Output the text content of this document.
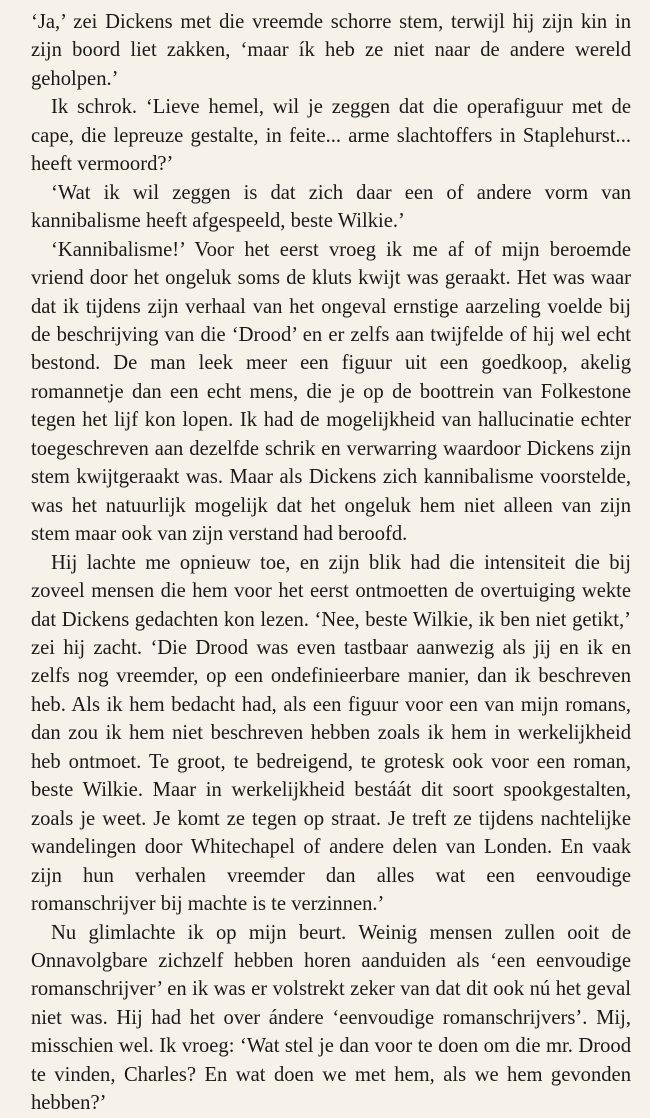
‘Ja,’ zei Dickens met die vreemde schorre stem, terwijl hij zijn kin in zijn boord liet zakken, ‘maar ík heb ze niet naar de andere wereld geholpen.’

Ik schrok. ‘Lieve hemel, wil je zeggen dat die operafiguur met de cape, die lepreuze gestalte, in feite... arme slachtoffers in Staplehurst... heeft vermoord?’

‘Wat ik wil zeggen is dat zich daar een of andere vorm van kannibalisme heeft afgespeeld, beste Wilkie.’

‘Kannibalisme!’ Voor het eerst vroeg ik me af of mijn beroemde vriend door het ongeluk soms de kluts kwijt was geraakt. Het was waar dat ik tijdens zijn verhaal van het ongeval ernstige aarzeling voelde bij de beschrijving van die ‘Drood’ en er zelfs aan twijfelde of hij wel echt bestond. De man leek meer een figuur uit een goedkoop, akelig romannetje dan een echt mens, die je op de boottrein van Folkestone tegen het lijf kon lopen. Ik had de mogelijkheid van hallucinatie echter toegeschreven aan dezelfde schrik en verwarring waardoor Dickens zijn stem kwijtgeraakt was. Maar als Dickens zich kannibalisme voorstelde, was het natuurlijk mogelijk dat het ongeluk hem niet alleen van zijn stem maar ook van zijn verstand had beroofd.

Hij lachte me opnieuw toe, en zijn blik had die intensiteit die bij zoveel mensen die hem voor het eerst ontmoetten de overtuiging wekte dat Dickens gedachten kon lezen. ‘Nee, beste Wilkie, ik ben niet getikt,’ zei hij zacht. ‘Die Drood was even tastbaar aanwezig als jij en ik en zelfs nog vreemder, op een ondefinieerbare manier, dan ik beschreven heb. Als ik hem bedacht had, als een figuur voor een van mijn romans, dan zou ik hem niet beschreven hebben zoals ik hem in werkelijkheid heb ontmoet. Te groot, te bedreigend, te grotesk ook voor een roman, beste Wilkie. Maar in werkelijkheid bestáát dit soort spookgestalten, zoals je weet. Je komt ze tegen op straat. Je treft ze tijdens nachtelijke wandelingen door Whitechapel of andere delen van Londen. En vaak zijn hun verhalen vreemder dan alles wat een eenvoudige romanschrijver bij machte is te verzinnen.’

Nu glimlachte ik op mijn beurt. Weinig mensen zullen ooit de Onnavolgbare zichzelf hebben horen aanduiden als ‘een eenvoudige romanschrijver’ en ik was er volstrekt zeker van dat dit ook nú het geval niet was. Hij had het over ándere ‘eenvoudige romanschrijvers’. Mij, misschien wel. Ik vroeg: ‘Wat stel je dan voor te doen om die mr. Drood te vinden, Charles? En wat doen we met hem, als we hem gevonden hebben?’
